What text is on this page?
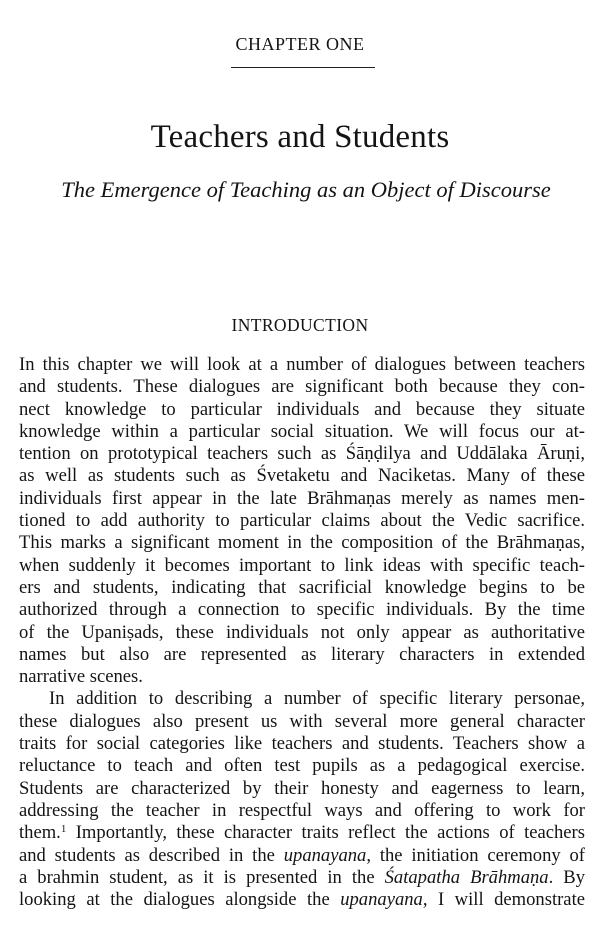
CHAPTER ONE
Teachers and Students
The Emergence of Teaching as an Object of Discourse
INTRODUCTION
In this chapter we will look at a number of dialogues between teachers
and students. These dialogues are significant both because they con-
nect knowledge to particular individuals and because they situate
knowledge within a particular social situation. We will focus our at-
tention on prototypical teachers such as Śāṇḍilya and Uddālaka Āruṇi,
as well as students such as Śvetaketu and Naciketas. Many of these
individuals first appear in the late Brāhmaṇas merely as names men-
tioned to add authority to particular claims about the Vedic sacrifice.
This marks a significant moment in the composition of the Brāhmaṇas,
when suddenly it becomes important to link ideas with specific teach-
ers and students, indicating that sacrificial knowledge begins to be
authorized through a connection to specific individuals. By the time
of the Upaniṣads, these individuals not only appear as authoritative
names but also are represented as literary characters in extended
narrative scenes.
In addition to describing a number of specific literary personae,
these dialogues also present us with several more general character
traits for social categories like teachers and students. Teachers show a
reluctance to teach and often test pupils as a pedagogical exercise.
Students are characterized by their honesty and eagerness to learn,
addressing the teacher in respectful ways and offering to work for
them.$^1$ Importantly, these character traits reflect the actions of teachers
and students as described in the upanayana, the initiation ceremony of
a brahmin student, as it is presented in the Śatapatha Brāhmaṇa. By
looking at the dialogues alongside the upanayana, I will demonstrate
